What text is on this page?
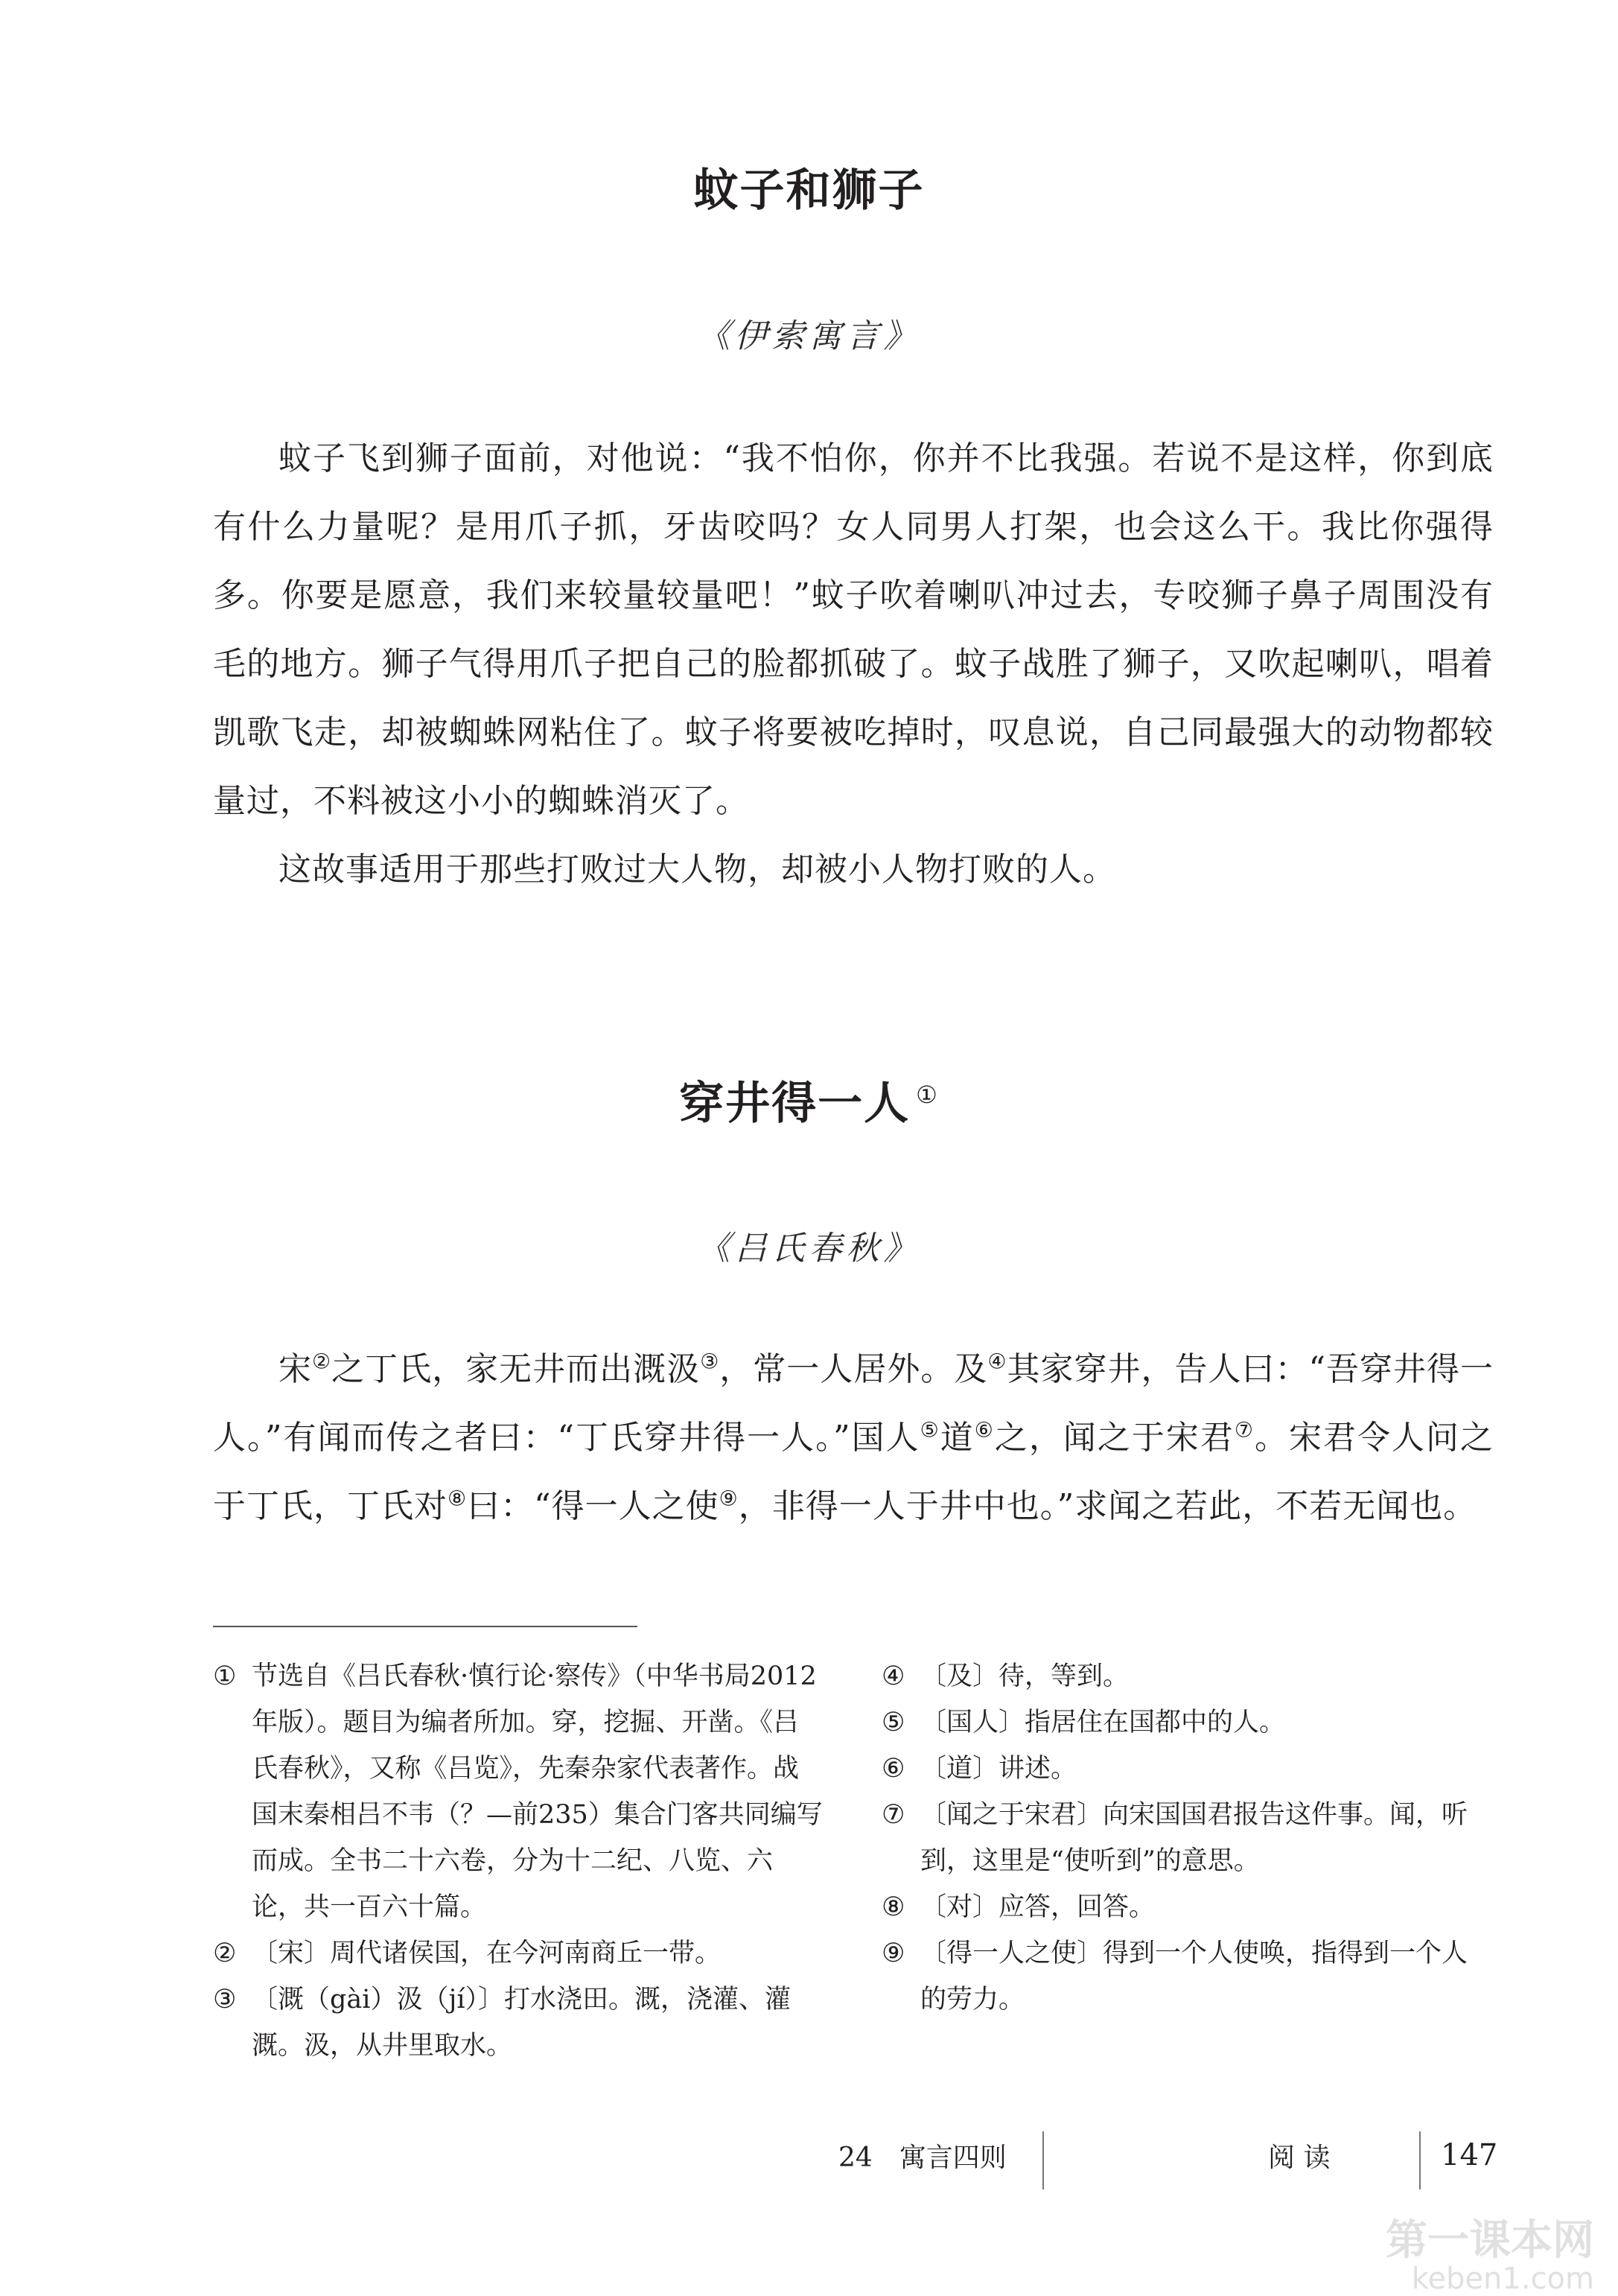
蚊子和狮子
《伊索寓言》

蚊子飞到狮子面前，对他说：“我不怕你，你并不比我强。若说不是这样，你到底有什么力量呢？是用爪子抓，牙齿咬吗？女人同男人打架，也会这么干。我比你强得多。你要是愿意，我们来较量较量吧！”蚊子吹着喇叭冲过去，专咬狮子鼻子周围没有毛的地方。狮子气得用爪子把自己的脸都抓破了。蚊子战胜了狮子，又吹起喇叭，唱着凯歌飞走，却被蜘蛛网粘住了。蚊子将要被吃掉时，叹息说，自己同最强大的动物都较量过，不料被这小小的蜘蛛消灭了。

这故事适用于那些打败过大人物，却被小人物打败的人。

穿井得一人 ①
《吕氏春秋》

宋②之丁氏，家无井而出溉汲③，常一人居外。及④其家穿井，告人曰：“吾穿井得一人。”有闻而传之者曰：“丁氏穿井得一人。”国人⑤道⑥之，闻之于宋君⑦。宋君令人问之于丁氏，丁氏对⑧曰：“得一人之使⑨，非得一人于井中也。”求闻之若此，不若无闻也。

① 节选自《吕氏春秋·慎行论·察传》（中华书局2012年版）。题目为编者所加。穿，挖掘、开凿。《吕氏春秋》，又称《吕览》，先秦杂家代表著作。战国末秦相吕不韦（？—前235）集合门客共同编写而成。全书二十六卷，分为十二纪、八览、六论，共一百六十篇。
② 〔宋〕周代诸侯国，在今河南商丘一带。
③ 〔溉（gài）汲（jí）〕打水浇田。溉，浇灌、灌溉。汲，从井里取水。
④ 〔及〕待，等到。
⑤ 〔国人〕指居住在国都中的人。
⑥ 〔道〕讲述。
⑦ 〔闻之于宋君〕向宋国国君报告这件事。闻，听到，这里是“使听到”的意思。
⑧ 〔对〕应答，回答。
⑨ 〔得一人之使〕得到一个人使唤，指得到一个人的劳力。
24　寓言四则	阅 读	147
第一课本网
keben1.com
